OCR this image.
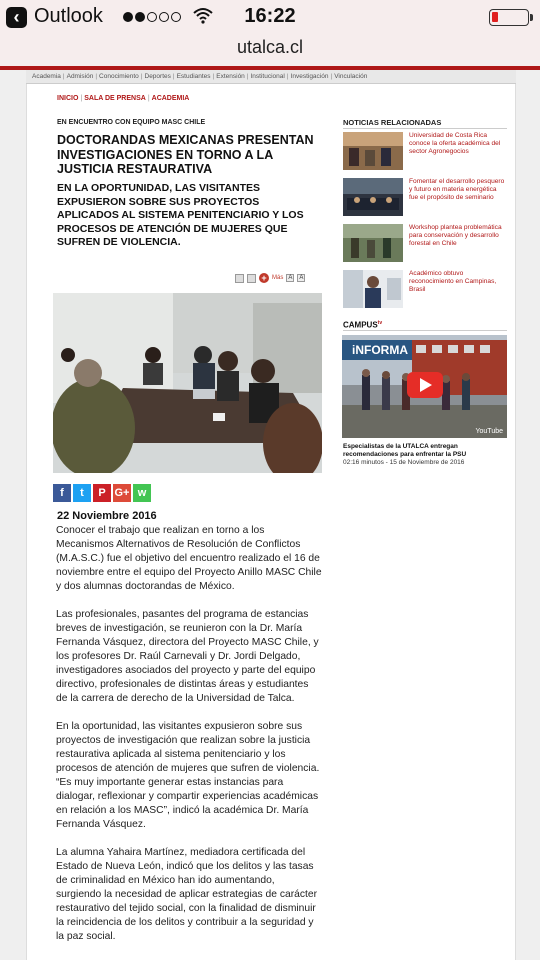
‹ Outlook	16:22
utalca.cl
Academia | Admisión | Conocimiento | Deportes | Estudiantes | Extensión | Institucional | Investigación | Vinculación
INICIO | SALA DE PRENSA | ACADEMIA
EN ENCUENTRO CON EQUIPO MASC CHILE
DOCTORANDAS MEXICANAS PRESENTAN INVESTIGACIONES EN TORNO A LA JUSTICIA RESTAURATIVA
EN LA OPORTUNIDAD, LAS VISITANTES EXPUSIERON SOBRE SUS PROYECTOS APLICADOS AL SISTEMA PENITENCIARIO Y LOS PROCESOS DE ATENCIÓN DE MUJERES QUE SUFREN DE VIOLENCIA.
+ Más A	A
f	t	P G+ w
22 Noviembre 2016

Conocer el trabajo que realizan en torno a los Mecanismos Alternativos de Resolución de Conflictos (M.A.S.C.) fue el objetivo del encuentro realizado el 16 de noviembre entre el equipo del Proyecto Anillo MASC Chile y dos alumnas doctorandas de México.

Las profesionales, pasantes del programa de estancias breves de investigación, se reunieron con la Dr. María Fernanda Vásquez, directora del Proyecto MASC Chile, y los profesores Dr. Raúl Carnevali y Dr. Jordi Delgado, investigadores asociados del proyecto y parte del equipo directivo, profesionales de distintas áreas y estudiantes de la carrera de derecho de la Universidad de Talca.

En la oportunidad, las visitantes expusieron sobre sus proyectos de investigación que realizan sobre la justicia restaurativa aplicada al sistema penitenciario y los procesos de atención de mujeres que sufren de violencia. “Es muy importante generar estas instancias para dialogar, reflexionar y compartir experiencias académicas en relación a los MASC”, indicó la académica Dr. María Fernanda Vásquez.

La alumna Yahaira Martínez, mediadora certificada del Estado de Nueva León, indicó que los delitos y las tasas de criminalidad en México han ido aumentando, surgiendo la necesidad de aplicar estrategias de carácter restaurativo del tejido social, con la finalidad de disminuir la reincidencia de los delitos y contribuir a la seguridad y la paz social.

NOTICIAS RELACIONADAS
Universidad de Costa Rica conoce la oferta académica del sector Agronegocios
Fomentar el desarrollo pesquero y futuro en materia energética fue el propósito de seminario
Workshop plantea problemática para conservación y desarrollo forestal en Chile
Académico obtuvo reconocimiento en Campinas, Brasil
$CAMPUS^{tv}$
iNFORMA
YouTube
Especialistas de la UTALCA entregan recomendaciones para enfrentar la PSU
02:16 minutos - 15 de Noviembre de 2016
